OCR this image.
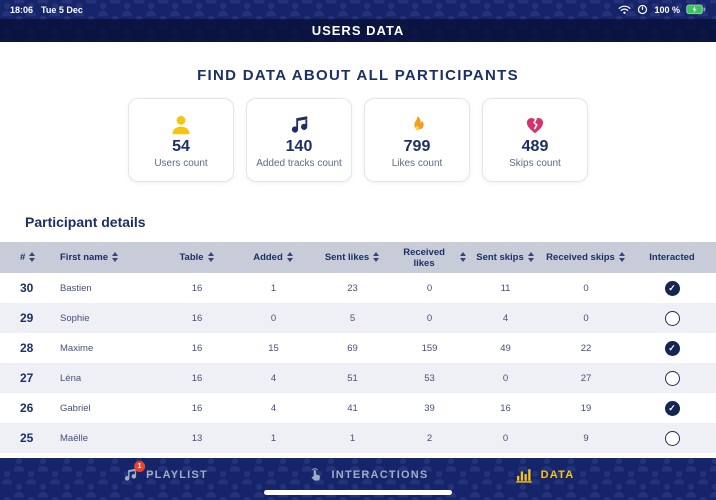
18:06 Tue 5 Dec	100 %
USERS DATA
FIND DATA ABOUT ALL PARTICIPANTS
54
Users count
140
Added tracks count
799
Likes count
489
Skips count
Participant details
#	First name	Table	Added	Sent likes	Received likes	Sent skips	Received skips	Interacted

30	Bastien	16	1	23	0	11	0	✓
29	Sophie	16	0	5	0	4	0	
28	Maxime	16	15	69	159	49	22	✓
27	Léna	16	4	51	53	0	27	
26	Gabriel	16	4	41	39	16	19	✓
25	Maëlle	13	1	1	2	0	9	
1
PLAYLIST	INTERACTIONS	DATA
